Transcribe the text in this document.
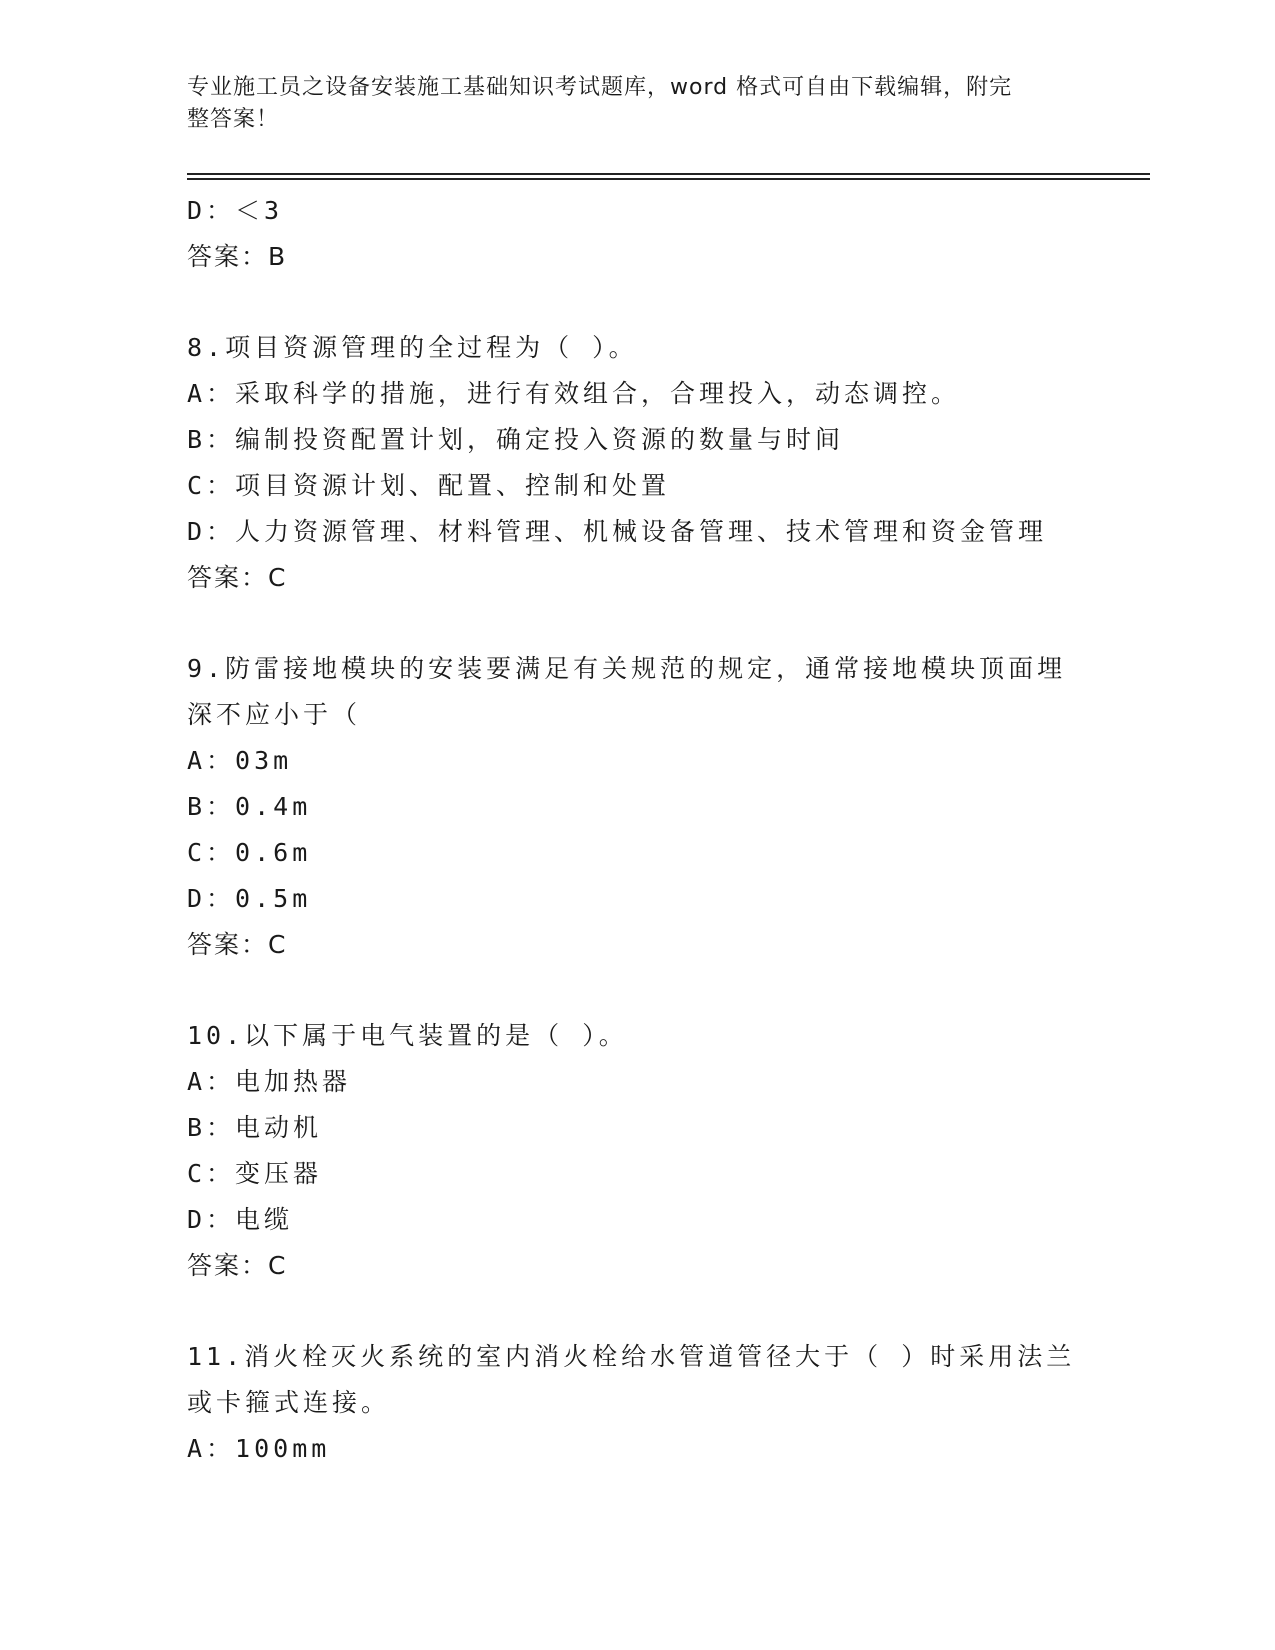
专业施工员之设备安装施工基础知识考试题库，word 格式可自由下载编辑，附完
整答案！
D：＜3
答案：B
8.项目资源管理的全过程为（ ）。
A：采取科学的措施，进行有效组合，合理投入，动态调控。
B：编制投资配置计划，确定投入资源的数量与时间
C：项目资源计划、配置、控制和处置
D：人力资源管理、材料管理、机械设备管理、技术管理和资金管理
答案：C
9.防雷接地模块的安装要满足有关规范的规定，通常接地模块顶面埋
深不应小于（
A：03m
B：0.4m
C：0.6m
D：0.5m
答案：C
10.以下属于电气装置的是（ ）。
A：电加热器
B：电动机
C：变压器
D：电缆
答案：C
11.消火栓灭火系统的室内消火栓给水管道管径大于（ ）时采用法兰
或卡箍式连接。
A：100mm
